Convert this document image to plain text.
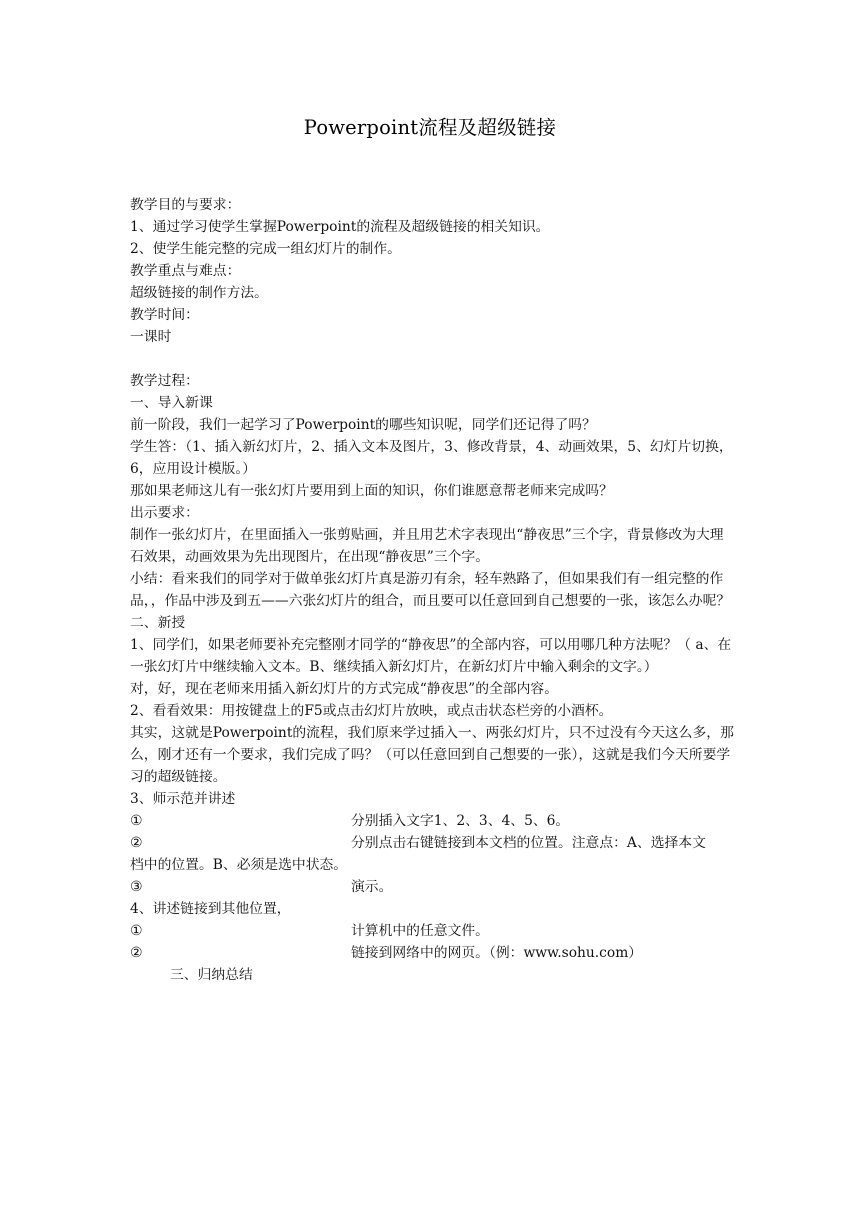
Powerpoint流程及超级链接

教学目的与要求：

1、通过学习使学生掌握Powerpoint的流程及超级链接的相关知识。

2、使学生能完整的完成一组幻灯片的制作。

教学重点与难点：

超级链接的制作方法。

教学时间：

一课时

教学过程：

一、导入新课

前一阶段，我们一起学习了Powerpoint的哪些知识呢，同学们还记得了吗？

学生答：（1、插入新幻灯片，2、插入文本及图片，3、修改背景，4、动画效果，5、幻灯片切换，6，应用设计模版。）

那如果老师这儿有一张幻灯片要用到上面的知识，你们谁愿意帮老师来完成吗？

出示要求：

制作一张幻灯片，在里面插入一张剪贴画，并且用艺术字表现出“静夜思”三个字，背景修改为大理石效果，动画效果为先出现图片，在出现“静夜思”三个字。

小结：看来我们的同学对于做单张幻灯片真是游刃有余，轻车熟路了，但如果我们有一组完整的作品，，作品中涉及到五——六张幻灯片的组合，而且要可以任意回到自己想要的一张，该怎么办呢？

二、新授

1、同学们，如果老师要补充完整刚才同学的“静夜思”的全部内容，可以用哪几种方法呢？（ a、在一张幻灯片中继续输入文本。B、继续插入新幻灯片，在新幻灯片中输入剩余的文字。）

对，好，现在老师来用插入新幻灯片的方式完成“静夜思”的全部内容。

2、看看效果：用按键盘上的F5或点击幻灯片放映，或点击状态栏旁的小酒杯。

其实，这就是Powerpoint的流程，我们原来学过插入一、两张幻灯片，只不过没有今天这么多，那么，刚才还有一个要求，我们完成了吗？（可以任意回到自己想要的一张），这就是我们今天所要学习的超级链接。

3、师示范并讲述

①	分别插入文字1、2、3、4、5、6。
②	分别点击右键链接到本文档的位置。注意点：A、选择本文

档中的位置。B、必须是选中状态。

③	演示。

4、讲述链接到其他位置，

①	计算机中的任意文件。
②	链接到网络中的网页。（例：www.sohu.com）

三、归纳总结
